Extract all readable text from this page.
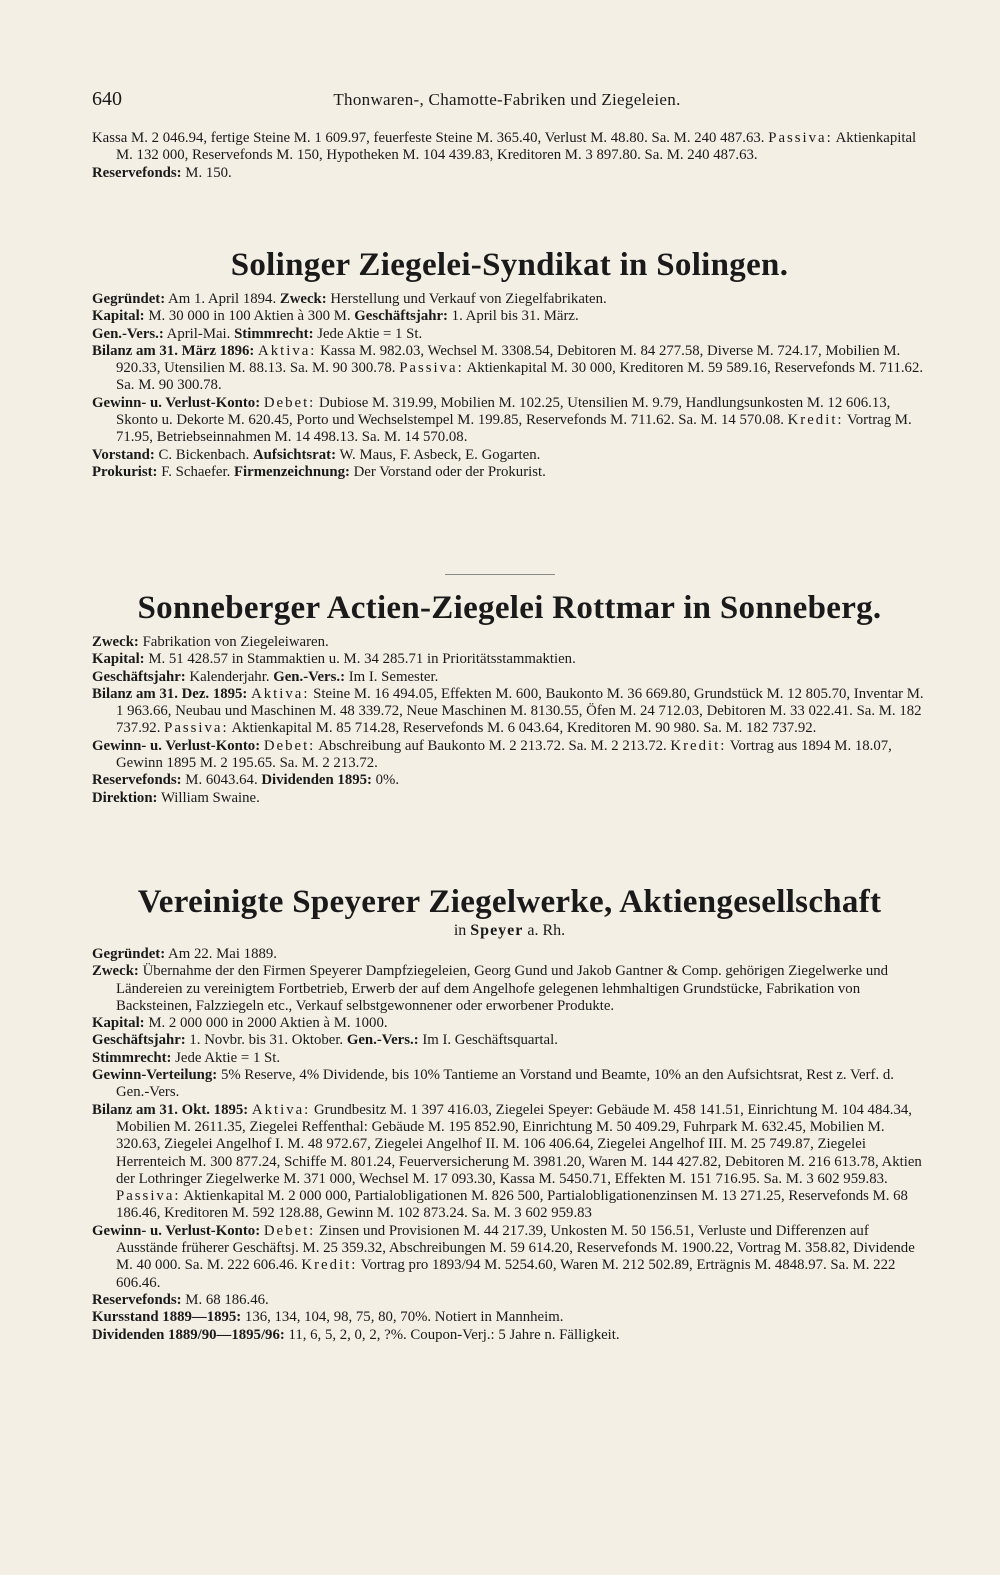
640	Thonwaren-, Chamotte-Fabriken und Ziegeleien.

Kassa M. 2 046.94, fertige Steine M. 1 609.97, feuerfeste Steine M. 365.40, Verlust M. 48.80. Sa. M. 240 487.63. Passiva: Aktienkapital M. 132 000, Reservefonds M. 150, Hypotheken M. 104 439.83, Kreditoren M. 3 897.80. Sa. M. 240 487.63.

Reservefonds: M. 150.

Solinger Ziegelei-Syndikat in Solingen.

Gegründet: Am 1. April 1894. Zweck: Herstellung und Verkauf von Ziegelfabrikaten.

Kapital: M. 30 000 in 100 Aktien à 300 M. Geschäftsjahr: 1. April bis 31. März.

Gen.-Vers.: April-Mai. Stimmrecht: Jede Aktie = 1 St.

Bilanz am 31. März 1896: Aktiva: Kassa M. 982.03, Wechsel M. 3308.54, Debitoren M. 84 277.58, Diverse M. 724.17, Mobilien M. 920.33, Utensilien M. 88.13. Sa. M. 90 300.78. Passiva: Aktienkapital M. 30 000, Kreditoren M. 59 589.16, Reservefonds M. 711.62. Sa. M. 90 300.78.

Gewinn- u. Verlust-Konto: Debet: Dubiose M. 319.99, Mobilien M. 102.25, Utensilien M. 9.79, Handlungsunkosten M. 12 606.13, Skonto u. Dekorte M. 620.45, Porto und Wechselstempel M. 199.85, Reservefonds M. 711.62. Sa. M. 14 570.08. Kredit: Vortrag M. 71.95, Betriebseinnahmen M. 14 498.13. Sa. M. 14 570.08.

Vorstand: C. Bickenbach. Aufsichtsrat: W. Maus, F. Asbeck, E. Gogarten.

Prokurist: F. Schaefer. Firmenzeichnung: Der Vorstand oder der Prokurist.

Sonneberger Actien-Ziegelei Rottmar in Sonneberg.

Zweck: Fabrikation von Ziegeleiwaren.

Kapital: M. 51 428.57 in Stammaktien u. M. 34 285.71 in Prioritätsstammaktien.

Geschäftsjahr: Kalenderjahr. Gen.-Vers.: Im I. Semester.

Bilanz am 31. Dez. 1895: Aktiva: Steine M. 16 494.05, Effekten M. 600, Baukonto M. 36 669.80, Grundstück M. 12 805.70, Inventar M. 1 963.66, Neubau und Maschinen M. 48 339.72, Neue Maschinen M. 8130.55, Öfen M. 24 712.03, Debitoren M. 33 022.41. Sa. M. 182 737.92. Passiva: Aktienkapital M. 85 714.28, Reservefonds M. 6 043.64, Kreditoren M. 90 980. Sa. M. 182 737.92.

Gewinn- u. Verlust-Konto: Debet: Abschreibung auf Baukonto M. 2 213.72. Sa. M. 2 213.72. Kredit: Vortrag aus 1894 M. 18.07, Gewinn 1895 M. 2 195.65. Sa. M. 2 213.72.

Reservefonds: M. 6043.64. Dividenden 1895: 0%.

Direktion: William Swaine.

Vereinigte Speyerer Ziegelwerke, Aktiengesellschaft

in Speyer a. Rh.

Gegründet: Am 22. Mai 1889.

Zweck: Übernahme der den Firmen Speyerer Dampfziegeleien, Georg Gund und Jakob Gantner & Comp. gehörigen Ziegelwerke und Ländereien zu vereinigtem Fortbetrieb, Erwerb der auf dem Angelhofe gelegenen lehmhaltigen Grundstücke, Fabrikation von Backsteinen, Falzziegeln etc., Verkauf selbstgewonnener oder erworbener Produkte.

Kapital: M. 2 000 000 in 2000 Aktien à M. 1000.

Geschäftsjahr: 1. Novbr. bis 31. Oktober. Gen.-Vers.: Im I. Geschäftsquartal.

Stimmrecht: Jede Aktie = 1 St.

Gewinn-Verteilung: 5% Reserve, 4% Dividende, bis 10% Tantieme an Vorstand und Beamte, 10% an den Aufsichtsrat, Rest z. Verf. d. Gen.-Vers.

Bilanz am 31. Okt. 1895: Aktiva: Grundbesitz M. 1 397 416.03, Ziegelei Speyer: Gebäude M. 458 141.51, Einrichtung M. 104 484.34, Mobilien M. 2611.35, Ziegelei Reffenthal: Gebäude M. 195 852.90, Einrichtung M. 50 409.29, Fuhrpark M. 632.45, Mobilien M. 320.63, Ziegelei Angelhof I. M. 48 972.67, Ziegelei Angelhof II. M. 106 406.64, Ziegelei Angelhof III. M. 25 749.87, Ziegelei Herrenteich M. 300 877.24, Schiffe M. 801.24, Feuerversicherung M. 3981.20, Waren M. 144 427.82, Debitoren M. 216 613.78, Aktien der Lothringer Ziegelwerke M. 371 000, Wechsel M. 17 093.30, Kassa M. 5450.71, Effekten M. 151 716.95. Sa. M. 3 602 959.83. Passiva: Aktienkapital M. 2 000 000, Partialobligationen M. 826 500, Partialobligationenzinsen M. 13 271.25, Reservefonds M. 68 186.46, Kreditoren M. 592 128.88, Gewinn M. 102 873.24. Sa. M. 3 602 959.83

Gewinn- u. Verlust-Konto: Debet: Zinsen und Provisionen M. 44 217.39, Unkosten M. 50 156.51, Verluste und Differenzen auf Ausstände früherer Geschäftsj. M. 25 359.32, Abschreibungen M. 59 614.20, Reservefonds M. 1900.22, Vortrag M. 358.82, Dividende M. 40 000. Sa. M. 222 606.46. Kredit: Vortrag pro 1893/94 M. 5254.60, Waren M. 212 502.89, Erträgnis M. 4848.97. Sa. M. 222 606.46.

Reservefonds: M. 68 186.46.

Kursstand 1889—1895: 136, 134, 104, 98, 75, 80, 70%. Notiert in Mannheim.

Dividenden 1889/90—1895/96: 11, 6, 5, 2, 0, 2, ?%. Coupon-Verj.: 5 Jahre n. Fälligkeit.
